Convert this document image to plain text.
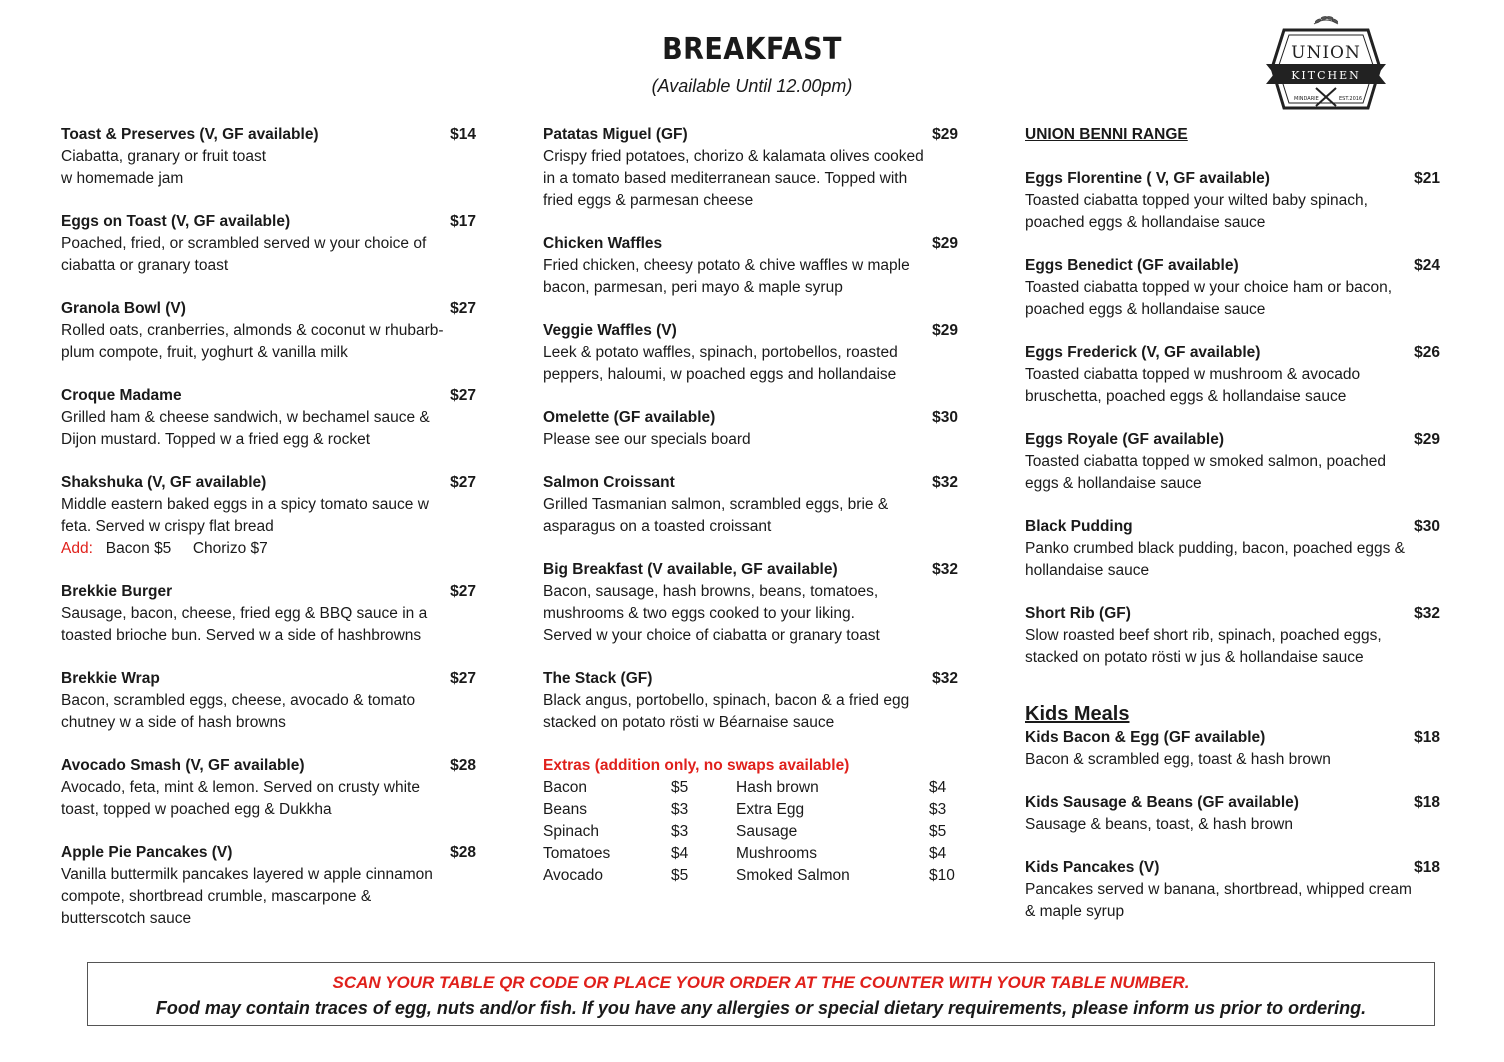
BREAKFAST
(Available Until 12.00pm)
UNION
KITCHEN
MINDARIE	EST.2016
Toast & Preserves (V, GF available)	$14
Ciabatta, granary or fruit toast
w homemade jam
Eggs on Toast (V, GF available)	$17
Poached, fried, or scrambled served w your choice of
ciabatta or granary toast
Granola Bowl (V)	$27
Rolled oats, cranberries, almonds & coconut w rhubarb-
plum compote, fruit, yoghurt & vanilla milk
Croque Madame	$27
Grilled ham & cheese sandwich, w bechamel sauce &
Dijon mustard. Topped w a fried egg & rocket
Shakshuka (V, GF available)	$27
Middle eastern baked eggs in a spicy tomato sauce w
feta. Served w crispy flat bread
Add:   Bacon $5     Chorizo $7
Brekkie Burger	$27
Sausage, bacon, cheese, fried egg & BBQ sauce in a
toasted brioche bun. Served w a side of hashbrowns
Brekkie Wrap	$27
Bacon, scrambled eggs, cheese, avocado & tomato
chutney w a side of hash browns
Avocado Smash (V, GF available)	$28
Avocado, feta, mint & lemon. Served on crusty white
toast, topped w poached egg & Dukkha
Apple Pie Pancakes (V)	$28
Vanilla buttermilk pancakes layered w apple cinnamon
compote, shortbread crumble, mascarpone &
butterscotch sauce
Patatas Miguel (GF)	$29
Crispy fried potatoes, chorizo & kalamata olives cooked
in a tomato based mediterranean sauce. Topped with
fried eggs & parmesan cheese
Chicken Waffles	$29
Fried chicken, cheesy potato & chive waffles w maple
bacon, parmesan, peri mayo & maple syrup
Veggie Waffles (V)	$29
Leek & potato waffles, spinach, portobellos, roasted
peppers, haloumi, w poached eggs and hollandaise
Omelette (GF available)	$30
Please see our specials board
Salmon Croissant	$32
Grilled Tasmanian salmon, scrambled eggs, brie &
asparagus on a toasted croissant
Big Breakfast (V available, GF available)	$32
Bacon, sausage, hash browns, beans, tomatoes,
mushrooms & two eggs cooked to your liking.
Served w your choice of ciabatta or granary toast
The Stack (GF)	$32
Black angus, portobello, spinach, bacon & a fried egg
stacked on potato rösti w Béarnaise sauce
Extras (addition only, no swaps available)
Bacon	$5	Hash brown	$4
Beans	$3	Extra Egg	$3
Spinach	$3	Sausage	$5
Tomatoes	$4	Mushrooms	$4
Avocado	$5	Smoked Salmon	$10
UNION BENNI RANGE
Eggs Florentine ( V, GF available)	$21
Toasted ciabatta topped your wilted baby spinach,
poached eggs & hollandaise sauce
Eggs Benedict (GF available)	$24
Toasted ciabatta topped w your choice ham or bacon,
poached eggs & hollandaise sauce
Eggs Frederick (V, GF available)	$26
Toasted ciabatta topped w mushroom & avocado
bruschetta, poached eggs & hollandaise sauce
Eggs Royale (GF available)	$29
Toasted ciabatta topped w smoked salmon, poached
eggs & hollandaise sauce
Black Pudding	$30
Panko crumbed black pudding, bacon, poached eggs &
hollandaise sauce
Short Rib (GF)	$32
Slow roasted beef short rib, spinach, poached eggs,
stacked on potato rösti w jus & hollandaise sauce
Kids Meals
Kids Bacon & Egg (GF available)	$18
Bacon & scrambled egg, toast & hash brown
Kids Sausage & Beans (GF available)	$18
Sausage & beans, toast, & hash brown
Kids Pancakes (V)	$18
Pancakes served w banana, shortbread, whipped cream
& maple syrup
SCAN YOUR TABLE QR CODE OR PLACE YOUR ORDER AT THE COUNTER WITH YOUR TABLE NUMBER.
Food may contain traces of egg, nuts and/or fish. If you have any allergies or special dietary requirements, please inform us prior to ordering.
